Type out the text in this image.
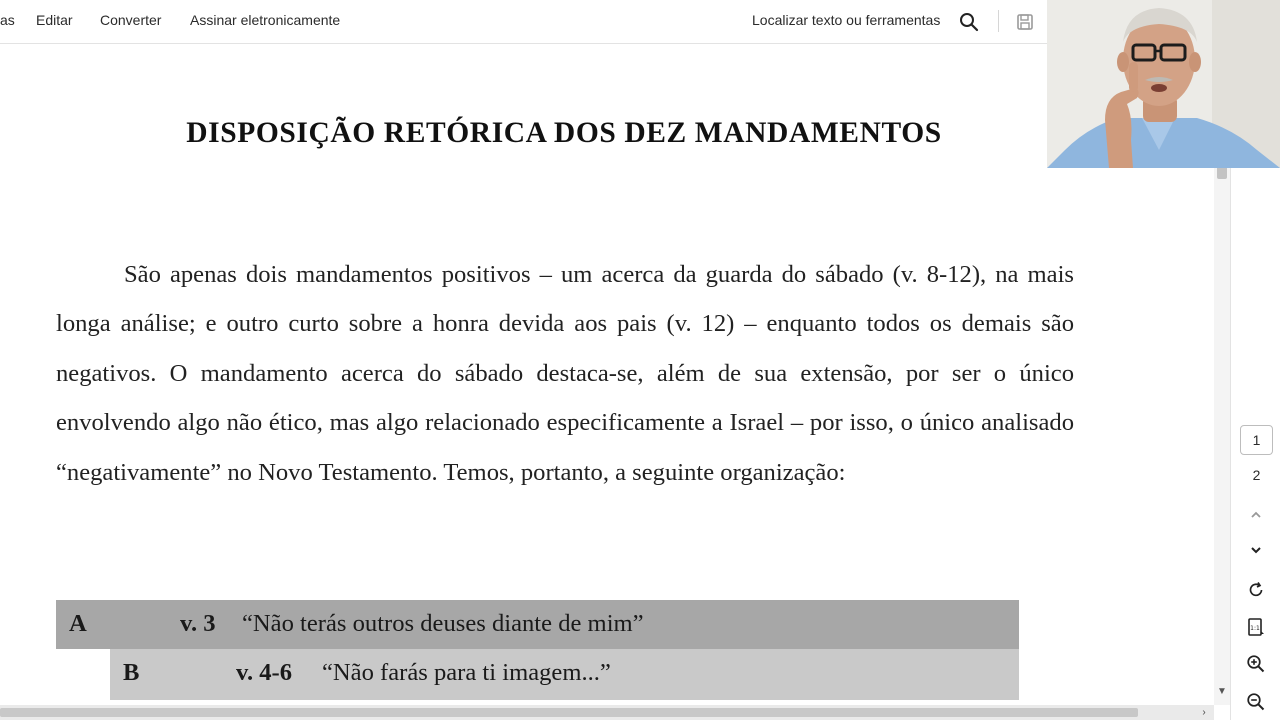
as Editar Converter Assinar eletronicamente	Localizar texto ou ferramentas
DISPOSIÇÃO RETÓRICA DOS DEZ MANDAMENTOS
São apenas dois mandamentos positivos – um acerca da guarda do sábado (v. 8-12), na mais longa análise; e outro curto sobre a honra devida aos pais (v. 12) – enquanto todos os demais são negativos. O mandamento acerca do sábado destaca-se, além de sua extensão, por ser o único envolvendo algo não ético, mas algo relacionado especificamente a Israel – por isso, o único analisado “negativamente” no Novo Testamento. Temos, portanto, a seguinte organização:
A	v. 3 “Não terás outros deuses diante de mim”
B	v. 4-6 “Não farás para ti imagem...”
▼
›
1
2
1:1
